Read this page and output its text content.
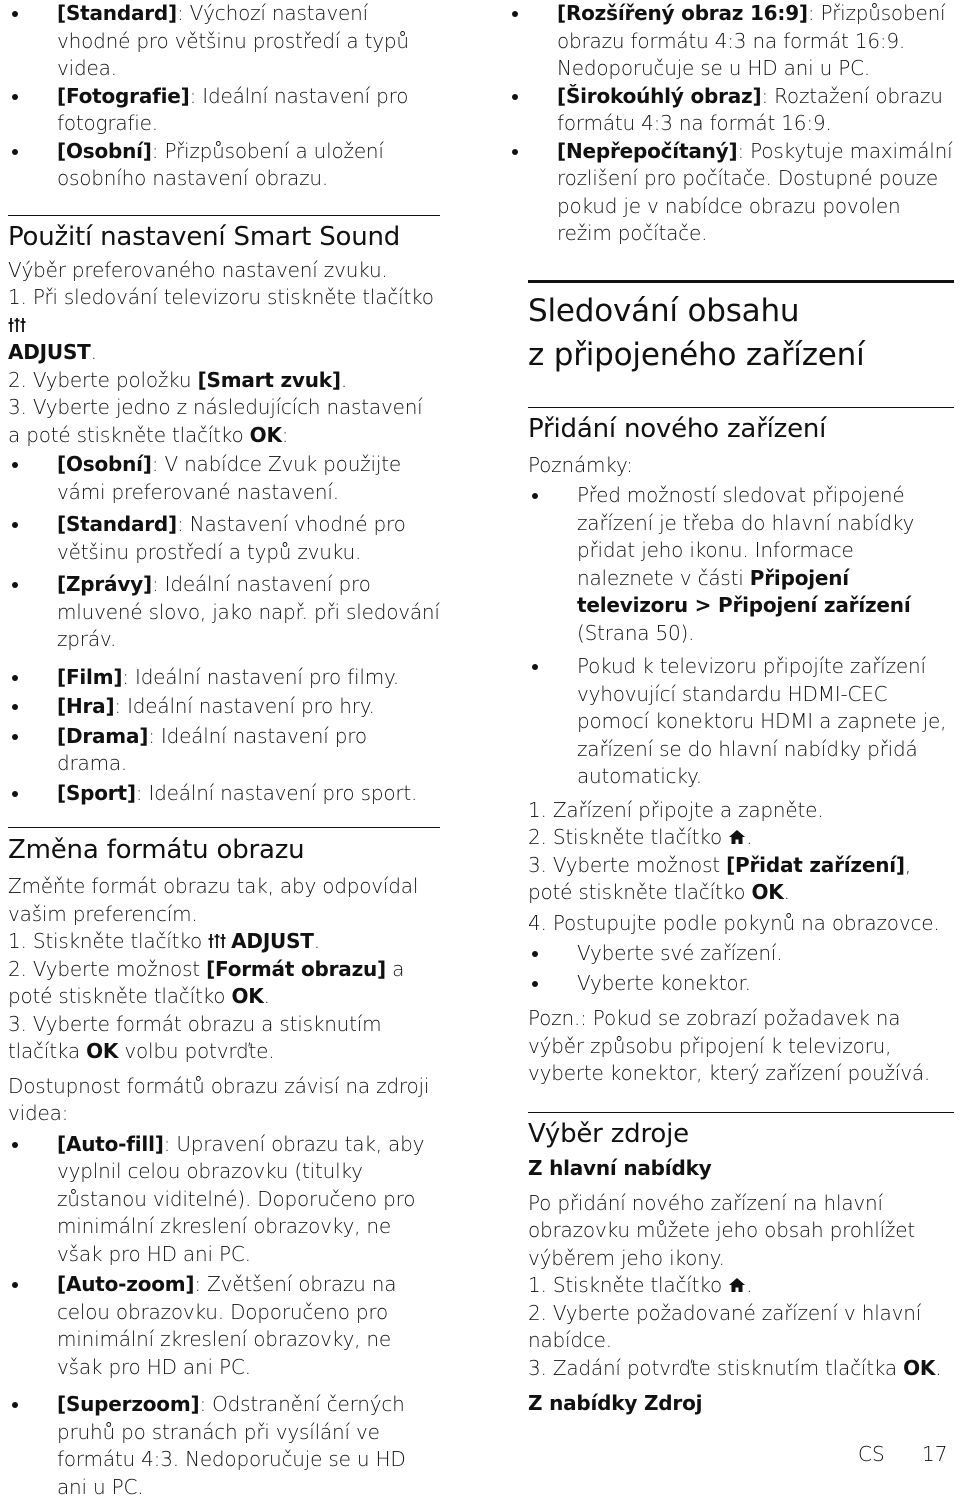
[Standard]: Výchozí nastavení vhodné pro většinu prostředí a typů videa.
[Fotografie]: Ideální nastavení pro fotografie.
[Osobní]: Přizpůsobení a uložení osobního nastavení obrazu.
Použití nastavení Smart Sound

Výběr preferovaného nastavení zvuku.

1. Při sledování televizoru stiskněte tlačítko
ADJUST.

2. Vyberte položku [Smart zvuk].

3. Vyberte jedno z následujících nastavení a poté stiskněte tlačítko OK:

[Osobní]: V nabídce Zvuk použijte vámi preferované nastavení.
[Standard]: Nastavení vhodné pro většinu prostředí a typů zvuku.
[Zprávy]: Ideální nastavení pro mluvené slovo, jako např. při sledování zpráv.
[Film]: Ideální nastavení pro filmy.
[Hra]: Ideální nastavení pro hry.
[Drama]: Ideální nastavení pro drama.
[Sport]: Ideální nastavení pro sport.
Změna formátu obrazu

Změňte formát obrazu tak, aby odpovídal vašim preferencím.

1. Stiskněte tlačítko ADJUST.

2. Vyberte možnost [Formát obrazu] a poté stiskněte tlačítko OK.

3. Vyberte formát obrazu a stisknutím tlačítka OK volbu potvrďte.

Dostupnost formátů obrazu závisí na zdroji videa:

[Auto-fill]: Upravení obrazu tak, aby vyplnil celou obrazovku (titulky zůstanou viditelné). Doporučeno pro minimální zkreslení obrazovky, ne však pro HD ani PC.
[Auto-zoom]: Zvětšení obrazu na celou obrazovku. Doporučeno pro minimální zkreslení obrazovky, ne však pro HD ani PC.
[Superzoom]: Odstranění černých pruhů po stranách při vysílání ve formátu 4:3. Nedoporučuje se u HD ani u PC.
[Rozšířený obraz 16:9]: Přizpůsobení obrazu formátu 4:3 na formát 16:9. Nedoporučuje se u HD ani u PC.
[Širokoúhlý obraz]: Roztažení obrazu formátu 4:3 na formát 16:9.
[Nepřepočítaný]: Poskytuje maximální rozlišení pro počítače. Dostupné pouze pokud je v nabídce obrazu povolen režim počítače.
Sledování obsahu
z připojeného zařízení
Přidání nového zařízení

Poznámky:

Před možností sledovat připojené zařízení je třeba do hlavní nabídky přidat jeho ikonu. Informace naleznete v části Připojení televizoru > Připojení zařízení (Strana 50).
Pokud k televizoru připojíte zařízení vyhovující standardu HDMI-CEC pomocí konektoru HDMI a zapnete je, zařízení se do hlavní nabídky přidá automaticky.

1. Zařízení připojte a zapněte.

2. Stiskněte tlačítko .

3. Vyberte možnost [Přidat zařízení], poté stiskněte tlačítko OK.

4. Postupujte podle pokynů na obrazovce.

Vyberte své zařízení.
Vyberte konektor.

Pozn.: Pokud se zobrazí požadavek na výběr způsobu připojení k televizoru, vyberte konektor, který zařízení používá.

Výběr zdroje

Z hlavní nabídky

Po přidání nového zařízení na hlavní obrazovku můžete jeho obsah prohlížet výběrem jeho ikony.

1. Stiskněte tlačítko .

2. Vyberte požadované zařízení v hlavní nabídce.

3. Zadání potvrďte stisknutím tlačítka OK.

Z nabídky Zdroj

CS 17
